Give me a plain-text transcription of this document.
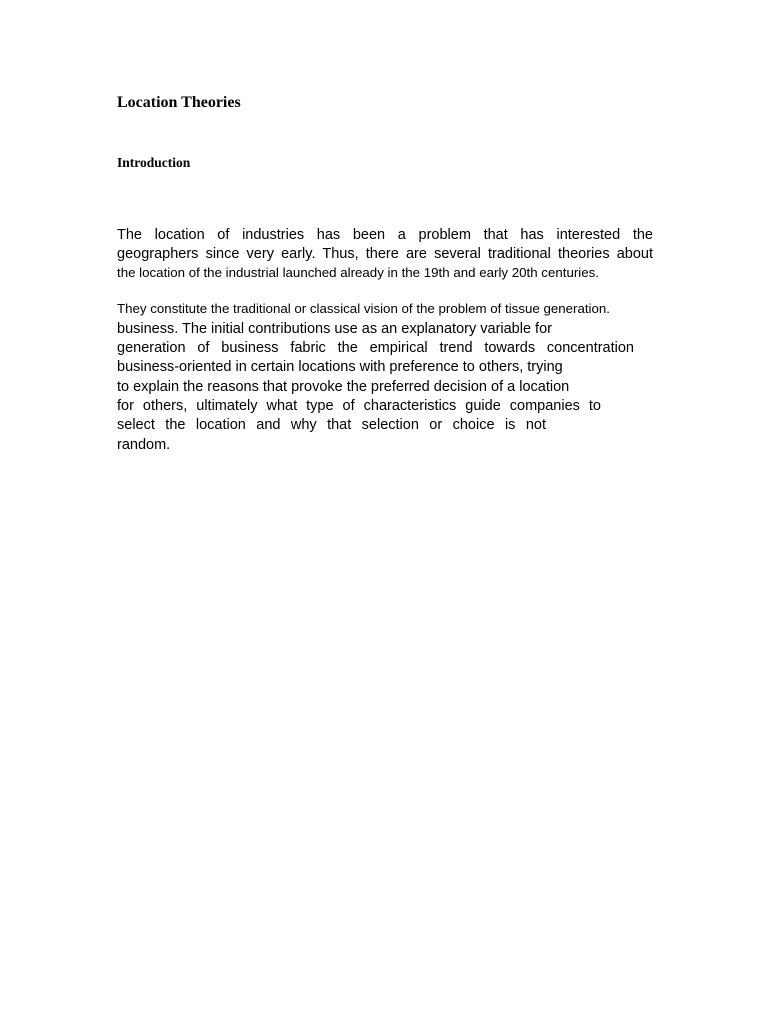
Location Theories
Introduction

The location of industries has been a problem that has interested the

geographers since very early. Thus, there are several traditional theories about

the location of the industrial launched already in the 19th and early 20th centuries.

They constitute the traditional or classical vision of the problem of tissue generation.

business. The initial contributions use as an explanatory variable for

generation of business fabric the empirical trend towards concentration

business-oriented in certain locations with preference to others, trying

to explain the reasons that provoke the preferred decision of a location

for others, ultimately what type of characteristics guide companies to

select the location and why that selection or choice is not

random.
